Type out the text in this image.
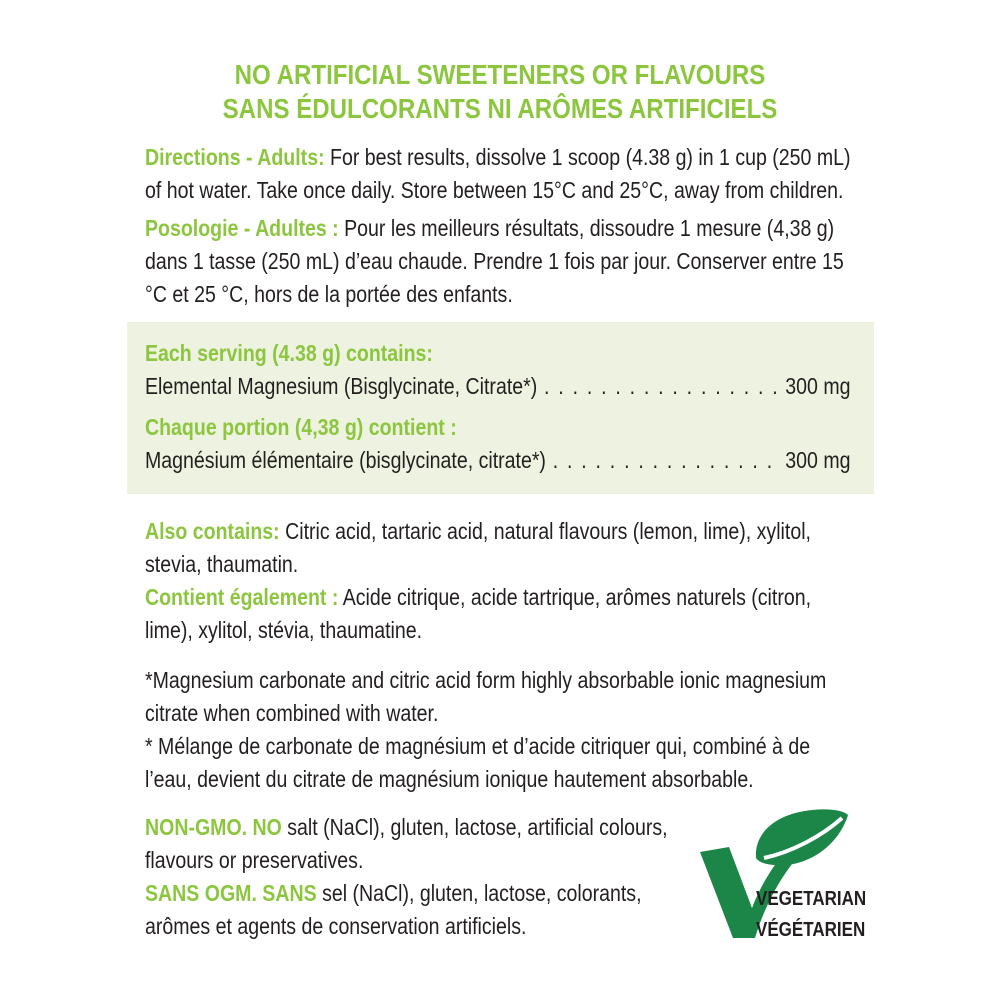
NO ARTIFICIAL SWEETENERS OR FLAVOURS
SANS ÉDULCORANTS NI ARÔMES ARTIFICIELS

Directions - Adults: For best results, dissolve 1 scoop (4.38 g) in 1 cup (250 mL) of hot water. Take once daily. Store between 15°C and 25°C, away from children.

Posologie - Adultes : Pour les meilleurs résultats, dissoudre 1 mesure (4,38 g) dans 1 tasse (250 mL) d’eau chaude. Prendre 1 fois par jour. Conserver entre 15 °C et 25 °C, hors de la portée des enfants.

Each serving (4.38 g) contains:
Elemental Magnesium (Bisglycinate, Citrate*) . . .	300 mg
Chaque portion (4,38 g) contient :
Magnésium élémentaire (bisglycinate, citrate*) . . .	300 mg

Also contains: Citric acid, tartaric acid, natural flavours (lemon, lime), xylitol, stevia, thaumatin.

Contient également : Acide citrique, acide tartrique, arômes naturels (citron, lime), xylitol, stévia, thaumatine.

*Magnesium carbonate and citric acid form highly absorbable ionic magnesium citrate when combined with water.

* Mélange de carbonate de magnésium et d’acide citriquer qui, combiné à de l’eau, devient du citrate de magnésium ionique hautement absorbable.

NON-GMO. NO salt (NaCl), gluten, lactose, artificial colours, flavours or preservatives.

SANS OGM. SANS sel (NaCl), gluten, lactose, colorants, arômes et agents de conservation artificiels.

VEGETARIAN
VÉGÉTARIEN
